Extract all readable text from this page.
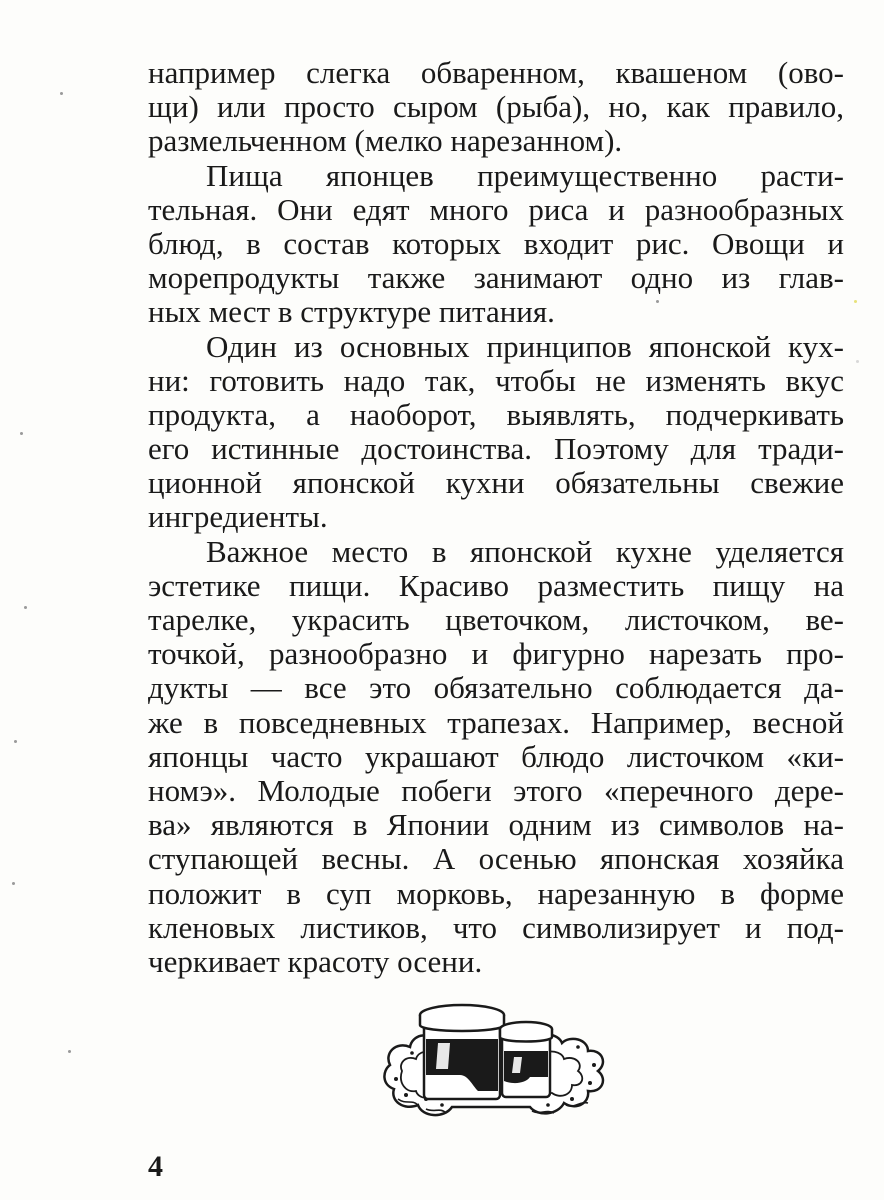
например слегка обваренном, квашеном (ово-
щи) или просто сыром (рыба), но, как правило,
размельченном (мелко нарезанном).
Пища японцев преимущественно расти-
тельная. Они едят много риса и разнообразных
блюд, в состав которых входит рис. Овощи и
морепродукты также занимают одно из глав-
ных мест в структуре питания.
Один из основных принципов японской кух-
ни: готовить надо так, чтобы не изменять вкус
продукта, а наоборот, выявлять, подчеркивать
его истинные достоинства. Поэтому для тради-
ционной японской кухни обязательны свежие
ингредиенты.
Важное место в японской кухне уделяется
эстетике пищи. Красиво разместить пищу на
тарелке, украсить цветочком, листочком, ве-
точкой, разнообразно и фигурно нарезать про-
дукты — все это обязательно соблюдается да-
же в повседневных трапезах. Например, весной
японцы часто украшают блюдо листочком «ки-
номэ». Молодые побеги этого «перечного дере-
ва» являются в Японии одним из символов на-
ступающей весны. А осенью японская хозяйка
положит в суп морковь, нарезанную в форме
кленовых листиков, что символизирует и под-
черкивает красоту осени.
4
